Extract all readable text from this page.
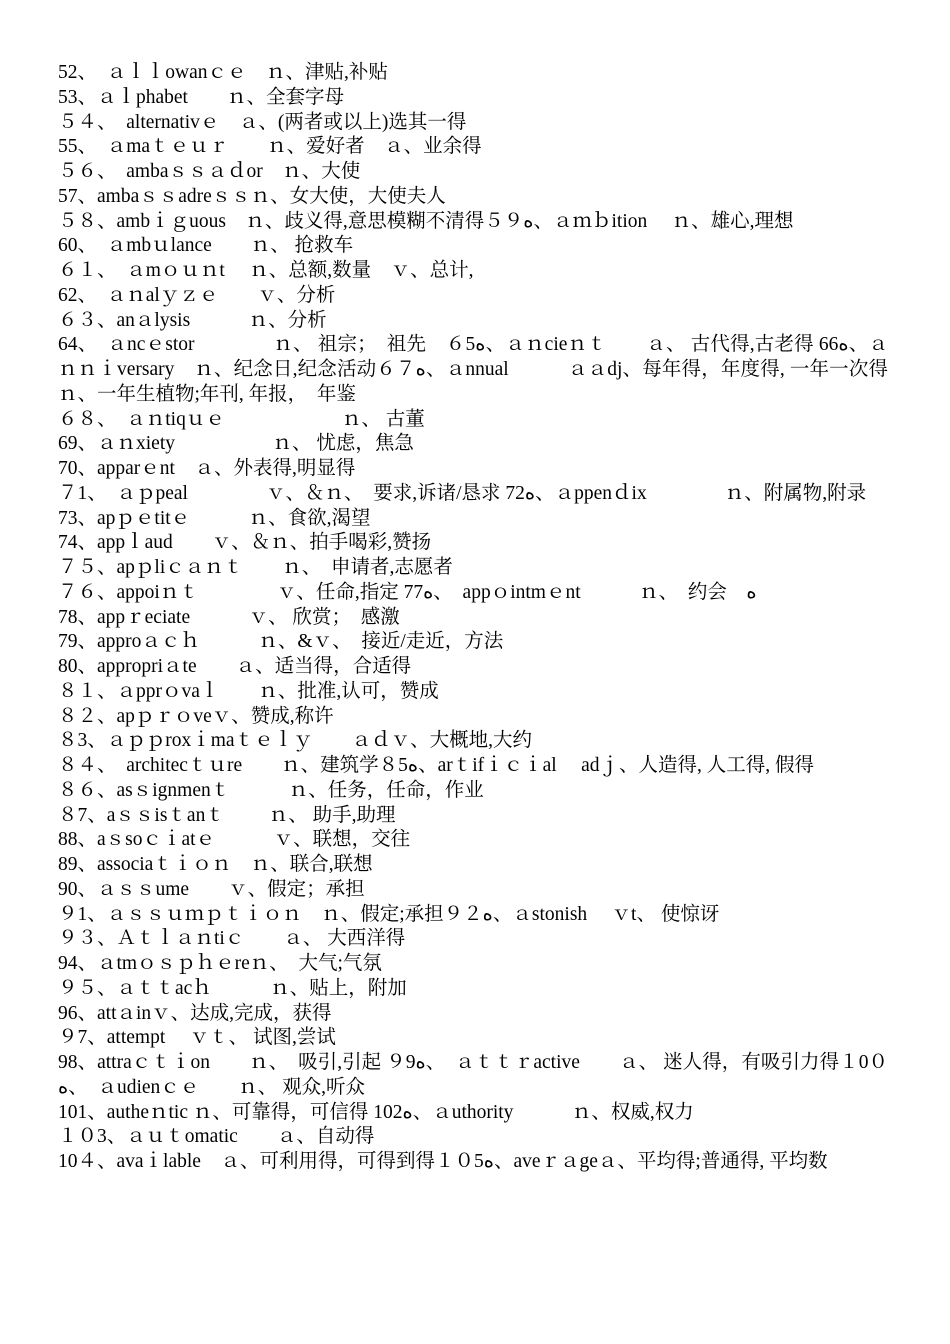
52、　ａｌｌowanｃｅ　ｎ、津贴,补贴

53、ａｌphabet　　ｎ、全套字母

５４、　alternativｅ　ａ、(两者或以上)选其一得

55、　ａmaｔｅｕｒ　　ｎ、爱好者　ａ、业余得

５６、　ambaｓｓａｄor　ｎ、大使

57、ambaｓｓadreｓｓｎ、女大使，大使夫人

５８、ambｉｇuous　ｎ、歧义得,意思模糊不清得５９ه、ａｍｂition　 ｎ、雄心,理想

60、　ａmbｕlance　　ｎ、 抢救车

６１、　ａmｏｕｎt　 ｎ、总额,数量　ｖ、总计,

62、　ａｎalｙｚｅ　　ｖ、分析

６３、anａlysis　　　ｎ、分析

64、　ａncｅstor　　　　ｎ、 祖宗；　祖先　６5ه、ａｎcieｎｔ　　ａ、 古代得,古老得 66ه、ａｎｎｉversary　ｎ、纪念日,纪念活动６７ه、ａnnual　　　ａａdj、每年得，年度得, 一年一次得ｎ、一年生植物;年刊, 年报，  年鉴

６８、　ａｎtiqｕｅ　　　　　　ｎ、 古董

69、ａｎxiety　　　　　ｎ、 忧虑，焦急

70、apparｅnt　ａ、外表得,明显得

７1、　ａｐpeal　　　　ｖ、＆ｎ、　要求,诉诸/恳求 72ه、ａppenｄix　　　　ｎ、附属物,附录

73、apｐｅtitｅ　　　ｎ、食欲,渴望

74、appｌaud　　ｖ、＆ｎ、拍手喝彩,赞扬

７５、apｐliｃａｎｔ　　ｎ、　申请者,志愿者

７６、appoiｎｔ　　　　ｖ、任命,指定 77ه、　appｏintmｅnt　　　ｎ、　约会　ه

78、appｒeciate　　　ｖ、 欣赏；　感激

79、approａｃｈ　　　ｎ、&ｖ、　接近/走近，方法

80、appropriａte　　ａ、适当得，合适得

８１、ａpprｏvaｌ　　ｎ、批准,认可，赞成

８２、apｐｒｏveｖ、赞成,称许

８3、ａｐｐroxｉmaｔｅｌｙ　　ａｄｖ、大概地,大约

８４、　architecｔｕre　　ｎ、建筑学８5ه、arｔifｉｃｉal　 adｊ、人造得, 人工得, 假得

８６、asｓignmenｔ　　　ｎ、任务，任命，作业

８7、aｓｓisｔanｔ　　 ｎ、 助手,助理

88、aｓsoｃｉatｅ　　　ｖ、联想，交往

89、associaｔｉｏｎ　ｎ、联合,联想

90、ａｓｓume　　ｖ、假定；承担

９1、ａｓｓｕｍｐｔｉｏｎ　ｎ、假定;承担９２ه、ａstonish　 ｖt、 使惊讶

９３、Ａｔｌａｎtiｃ　　ａ、 大西洋得

94、ａtmｏｓｐｈｅreｎ、　大气;气氛

９５、ａｔｔacｈ　　　ｎ、贴上，附加

96、attａinｖ、达成,完成，获得

９7、attempt　 ｖｔ、 试图,尝试

98、attraｃｔｉon　　ｎ、　吸引,引起 ９9ه、　ａｔｔｒactive　　ａ、 迷人得，有吸引力得１0０ه、　ａudienｃｅ　　ｎ、 观众,听众

101、autheｎtic ｎ、可靠得，可信得 102ه、ａuthority　　　ｎ、权威,权力

１０3、ａｕｔomatic　　ａ、自动得

10４、avaｉlable　ａ、可利用得，可得到得１０5ه、aveｒａgeａ、平均得;普通得, 平均数
